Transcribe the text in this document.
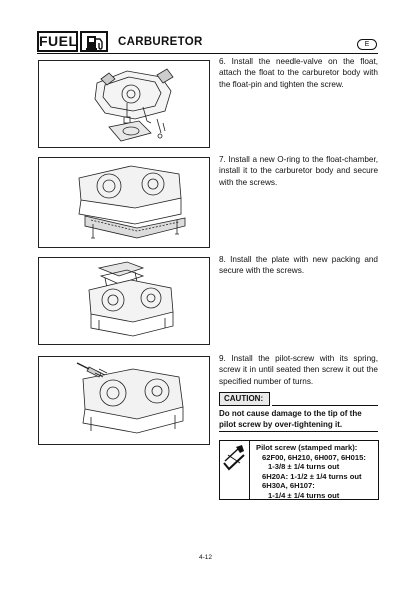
FUEL	CARBURETOR	E
6. Install the needle-valve on the float, attach the float to the carburetor body with the float-pin and tighten the screw.
7. Install a new O-ring to the float-chamber, install it to the carburetor body and secure with the screws.
8. Install the plate with new packing and secure with the screws.
9. Install the pilot-screw with its spring, screw it in until seated then screw it out the specified number of turns.
CAUTION:
Do not cause damage to the tip of the pilot screw by over-tightening it.
Pilot screw (stamped mark):
62F00, 6H210, 6H007, 6H015:
1-3/8 ± 1/4 turns out
6H20A: 1-1/2 ± 1/4 turns out
6H30A, 6H107:
1-1/4 ± 1/4 turns out
4-12
